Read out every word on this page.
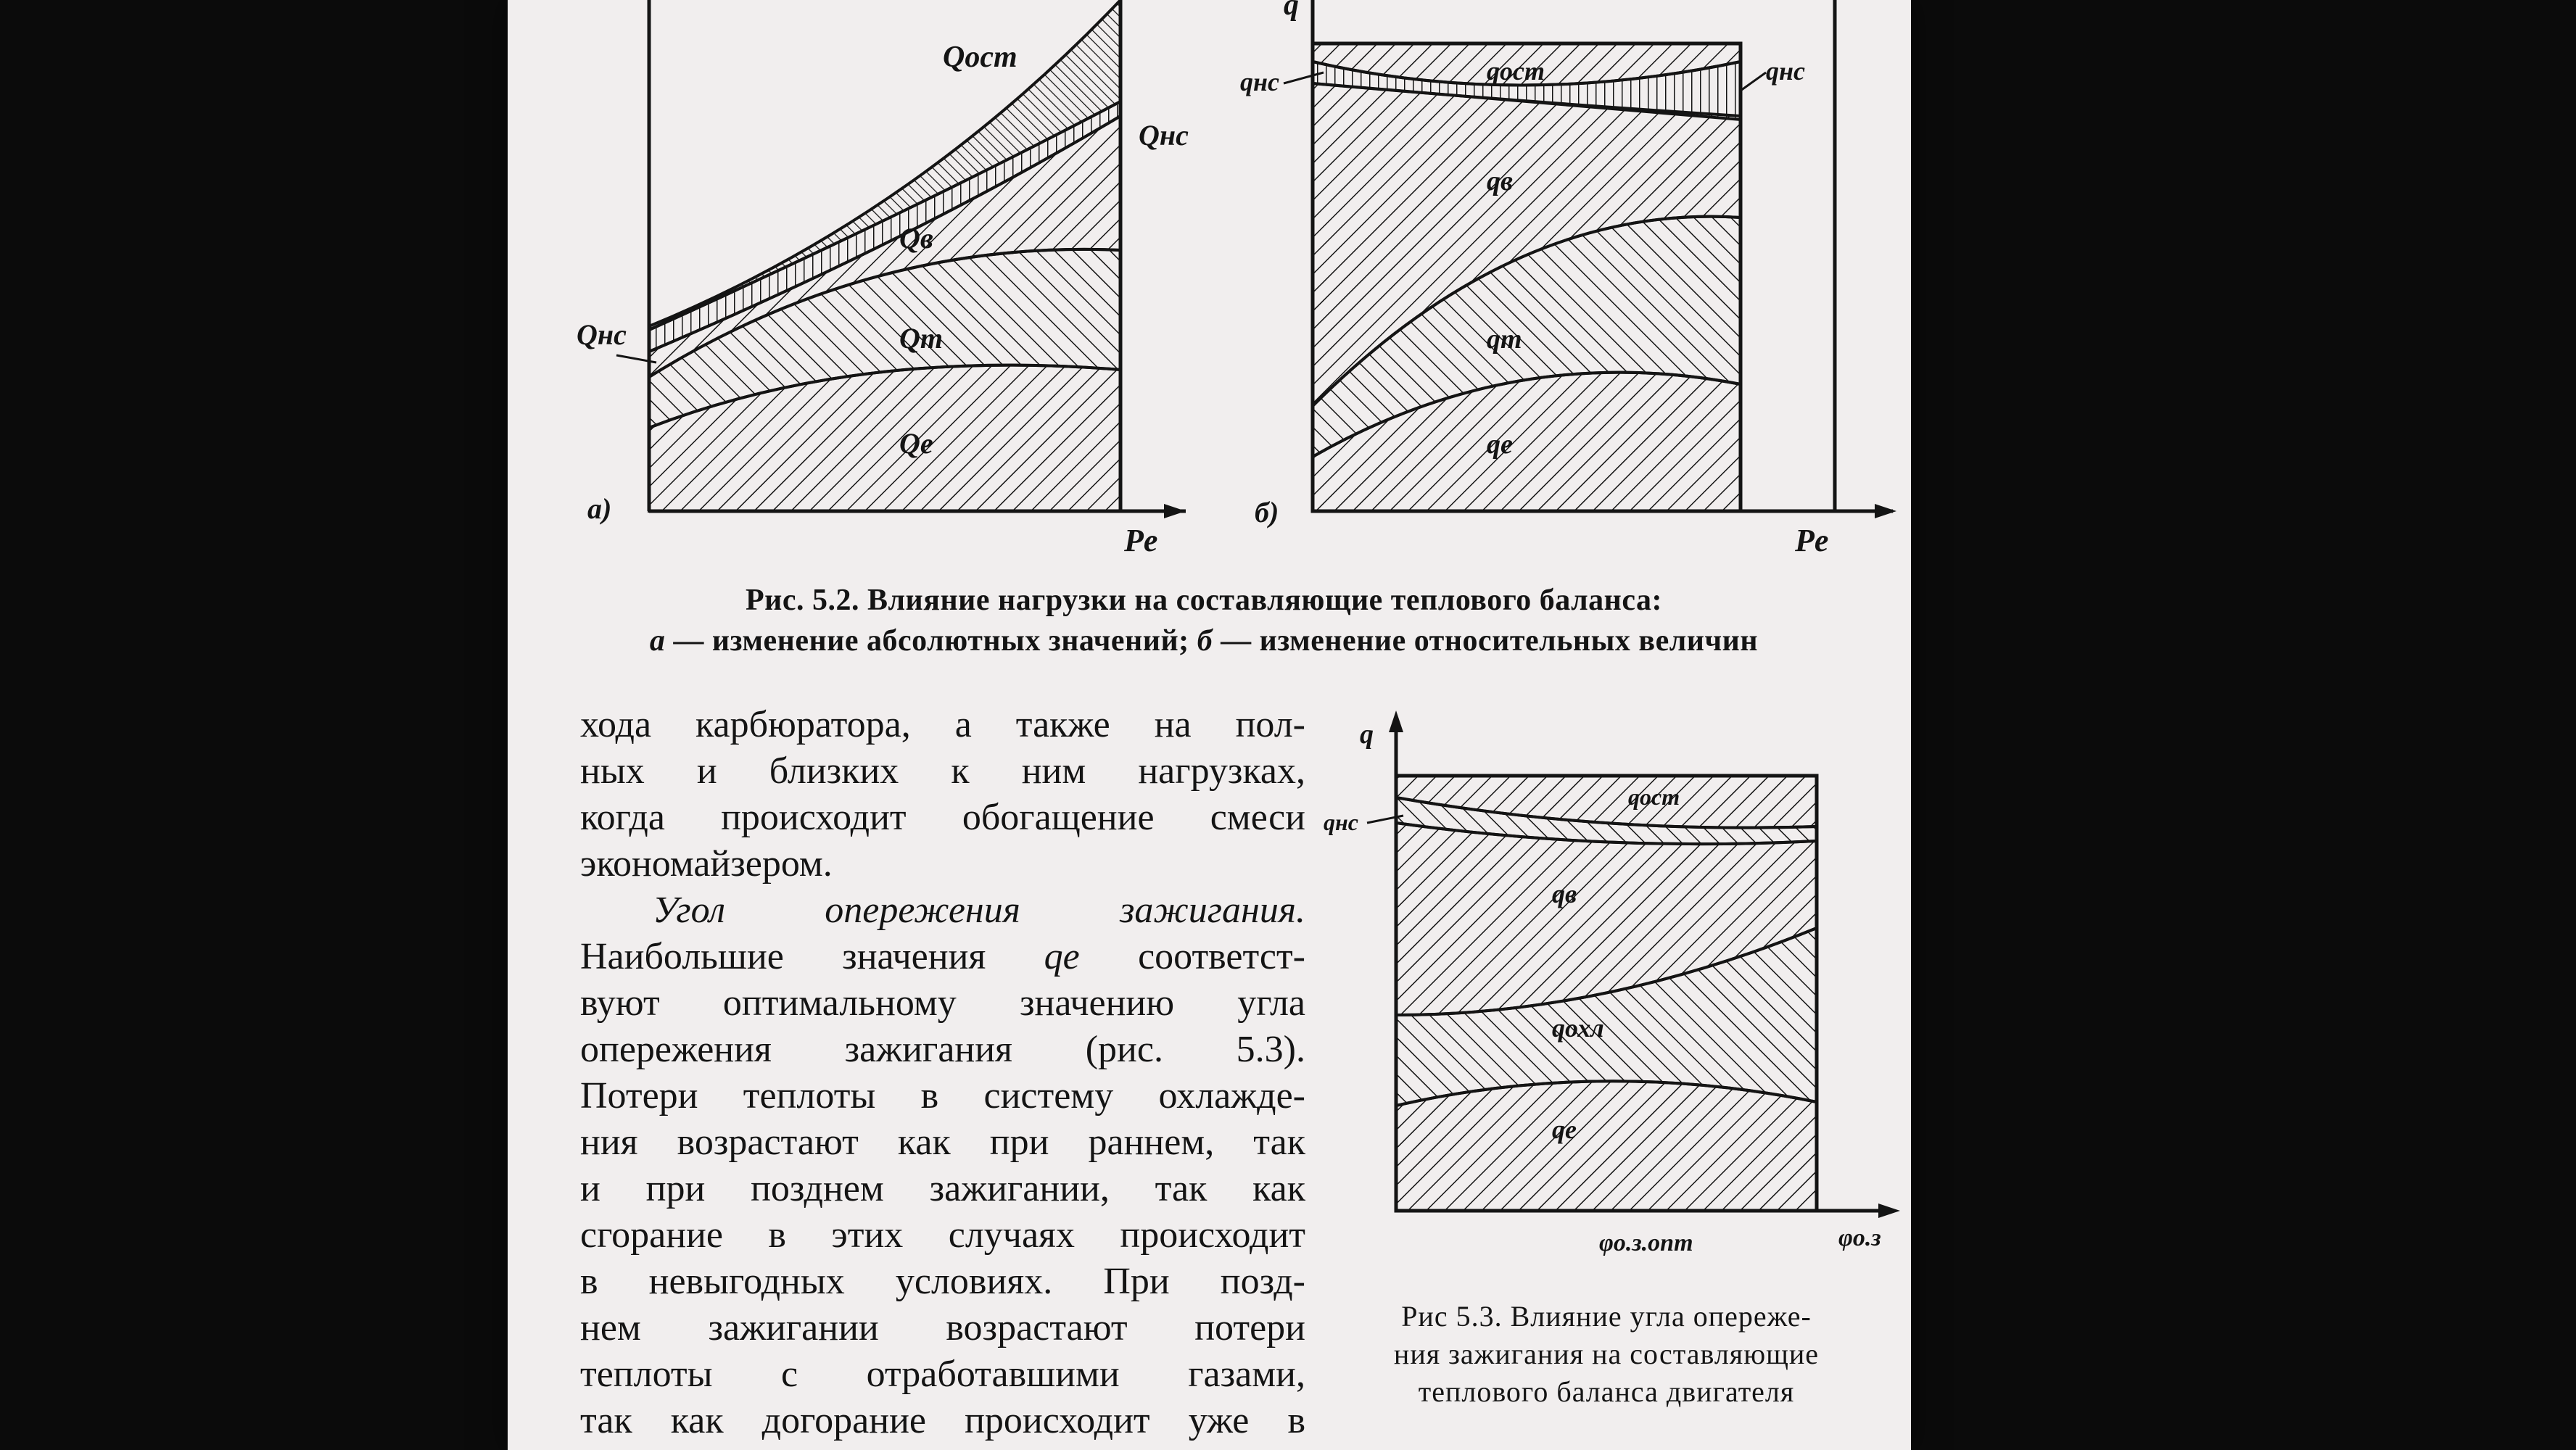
Qост
Qнс
Qнс
Qв
Qт
Qе
а)
Pe
q
qнс	qост	qнс
qв
qт
qе
б)
Pe
Рис. 5.2. Влияние нагрузки на составляющие теплового баланса:
а — изменение абсолютных значений; б — изменение относительных величин
хода карбюратора, а также на пол-
ных и близких к ним нагрузках,
когда происходит обогащение смеси
экономайзером.
Угол опережения зажигания.
Наибольшие значения qе соответст-
вуют оптимальному значению угла
опережения зажигания (рис. 5.3).
Потери теплоты в систему охлажде-
ния возрастают как при раннем, так
и при позднем зажигании, так как
сгорание в этих случаях происходит
в невыгодных условиях. При позд-
нем зажигании возрастают потери
теплоты с отработавшими газами,
так как догорание происходит уже в
q
qост
qнс
qв
qохл
qе
φо.з.опт	φо.з
Рис 5.3. Влияние угла опереже-
ния зажигания на составляющие
теплового баланса двигателя
